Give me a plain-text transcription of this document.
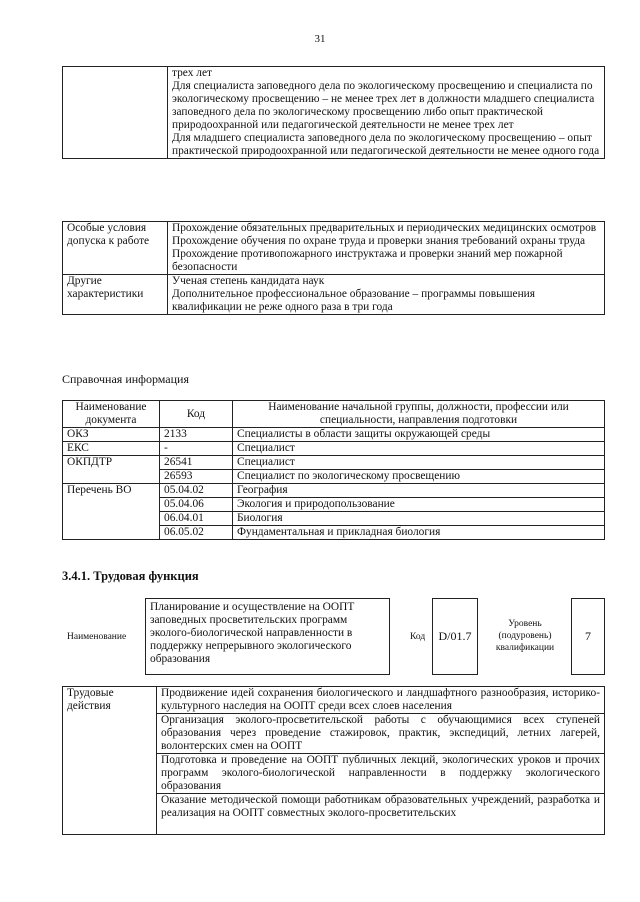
31

трех лет
Для специалиста заповедного дела по экологическому просвещению и специалиста по экологическому просвещению – не менее трех лет в должности младшего специалиста заповедного дела по экологическому просвещению либо опыт практической природоохранной или педагогической деятельности не менее трех лет
Для младшего специалиста заповедного дела по экологическому просвещению – опыт практической природоохранной или педагогической деятельности не менее одного года
Особые условия допуска к работе	Прохождение обязательных предварительных и периодических медицинских осмотров
Прохождение обучения по охране труда и проверки знания требований охраны труда
Прохождение противопожарного инструктажа и проверки знаний мер пожарной безопасности

Другие характеристики	Ученая степень кандидата наук
Дополнительное профессиональное образование – программы повышения квалификации не реже одного раза в три года
Справочная информация
Наименование документа	Код	Наименование начальной группы, должности, профессии или специальности, направления подготовки
ОКЗ	2133	Специалисты в области защиты окружающей среды
ЕКС	-	Специалист
ОКПДТР	26541	Специалист
	26593	Специалист по экологическому просвещению
Перечень ВО	05.04.02	География
	05.04.06	Экология и природопользование
	06.04.01	Биология
	06.05.02	Фундаментальная и прикладная биология
3.4.1. Трудовая функция
Наименование
Планирование и осуществление на ООПТ заповедных просветительских программ эколого-биологической направленности в поддержку непрерывного экологического образования
Код D/01.7
Уровень (подуровень) квалификации
7
Трудовые действия	Продвижение идей сохранения биологического и ландшафтного разнообразия, историко-культурного наследия на ООПТ среди всех слоев населения
Организация эколого-просветительской работы с обучающимися всех ступеней образования через проведение стажировок, практик, экспедиций, летних лагерей, волонтерских смен на ООПТ
Подготовка и проведение на ООПТ публичных лекций, экологических уроков и прочих программ эколого-биологической направленности в поддержку экологического образования

Оказание методической помощи работникам образовательных учреждений, разработка и реализация на ООПТ совместных эколого-просветительских
